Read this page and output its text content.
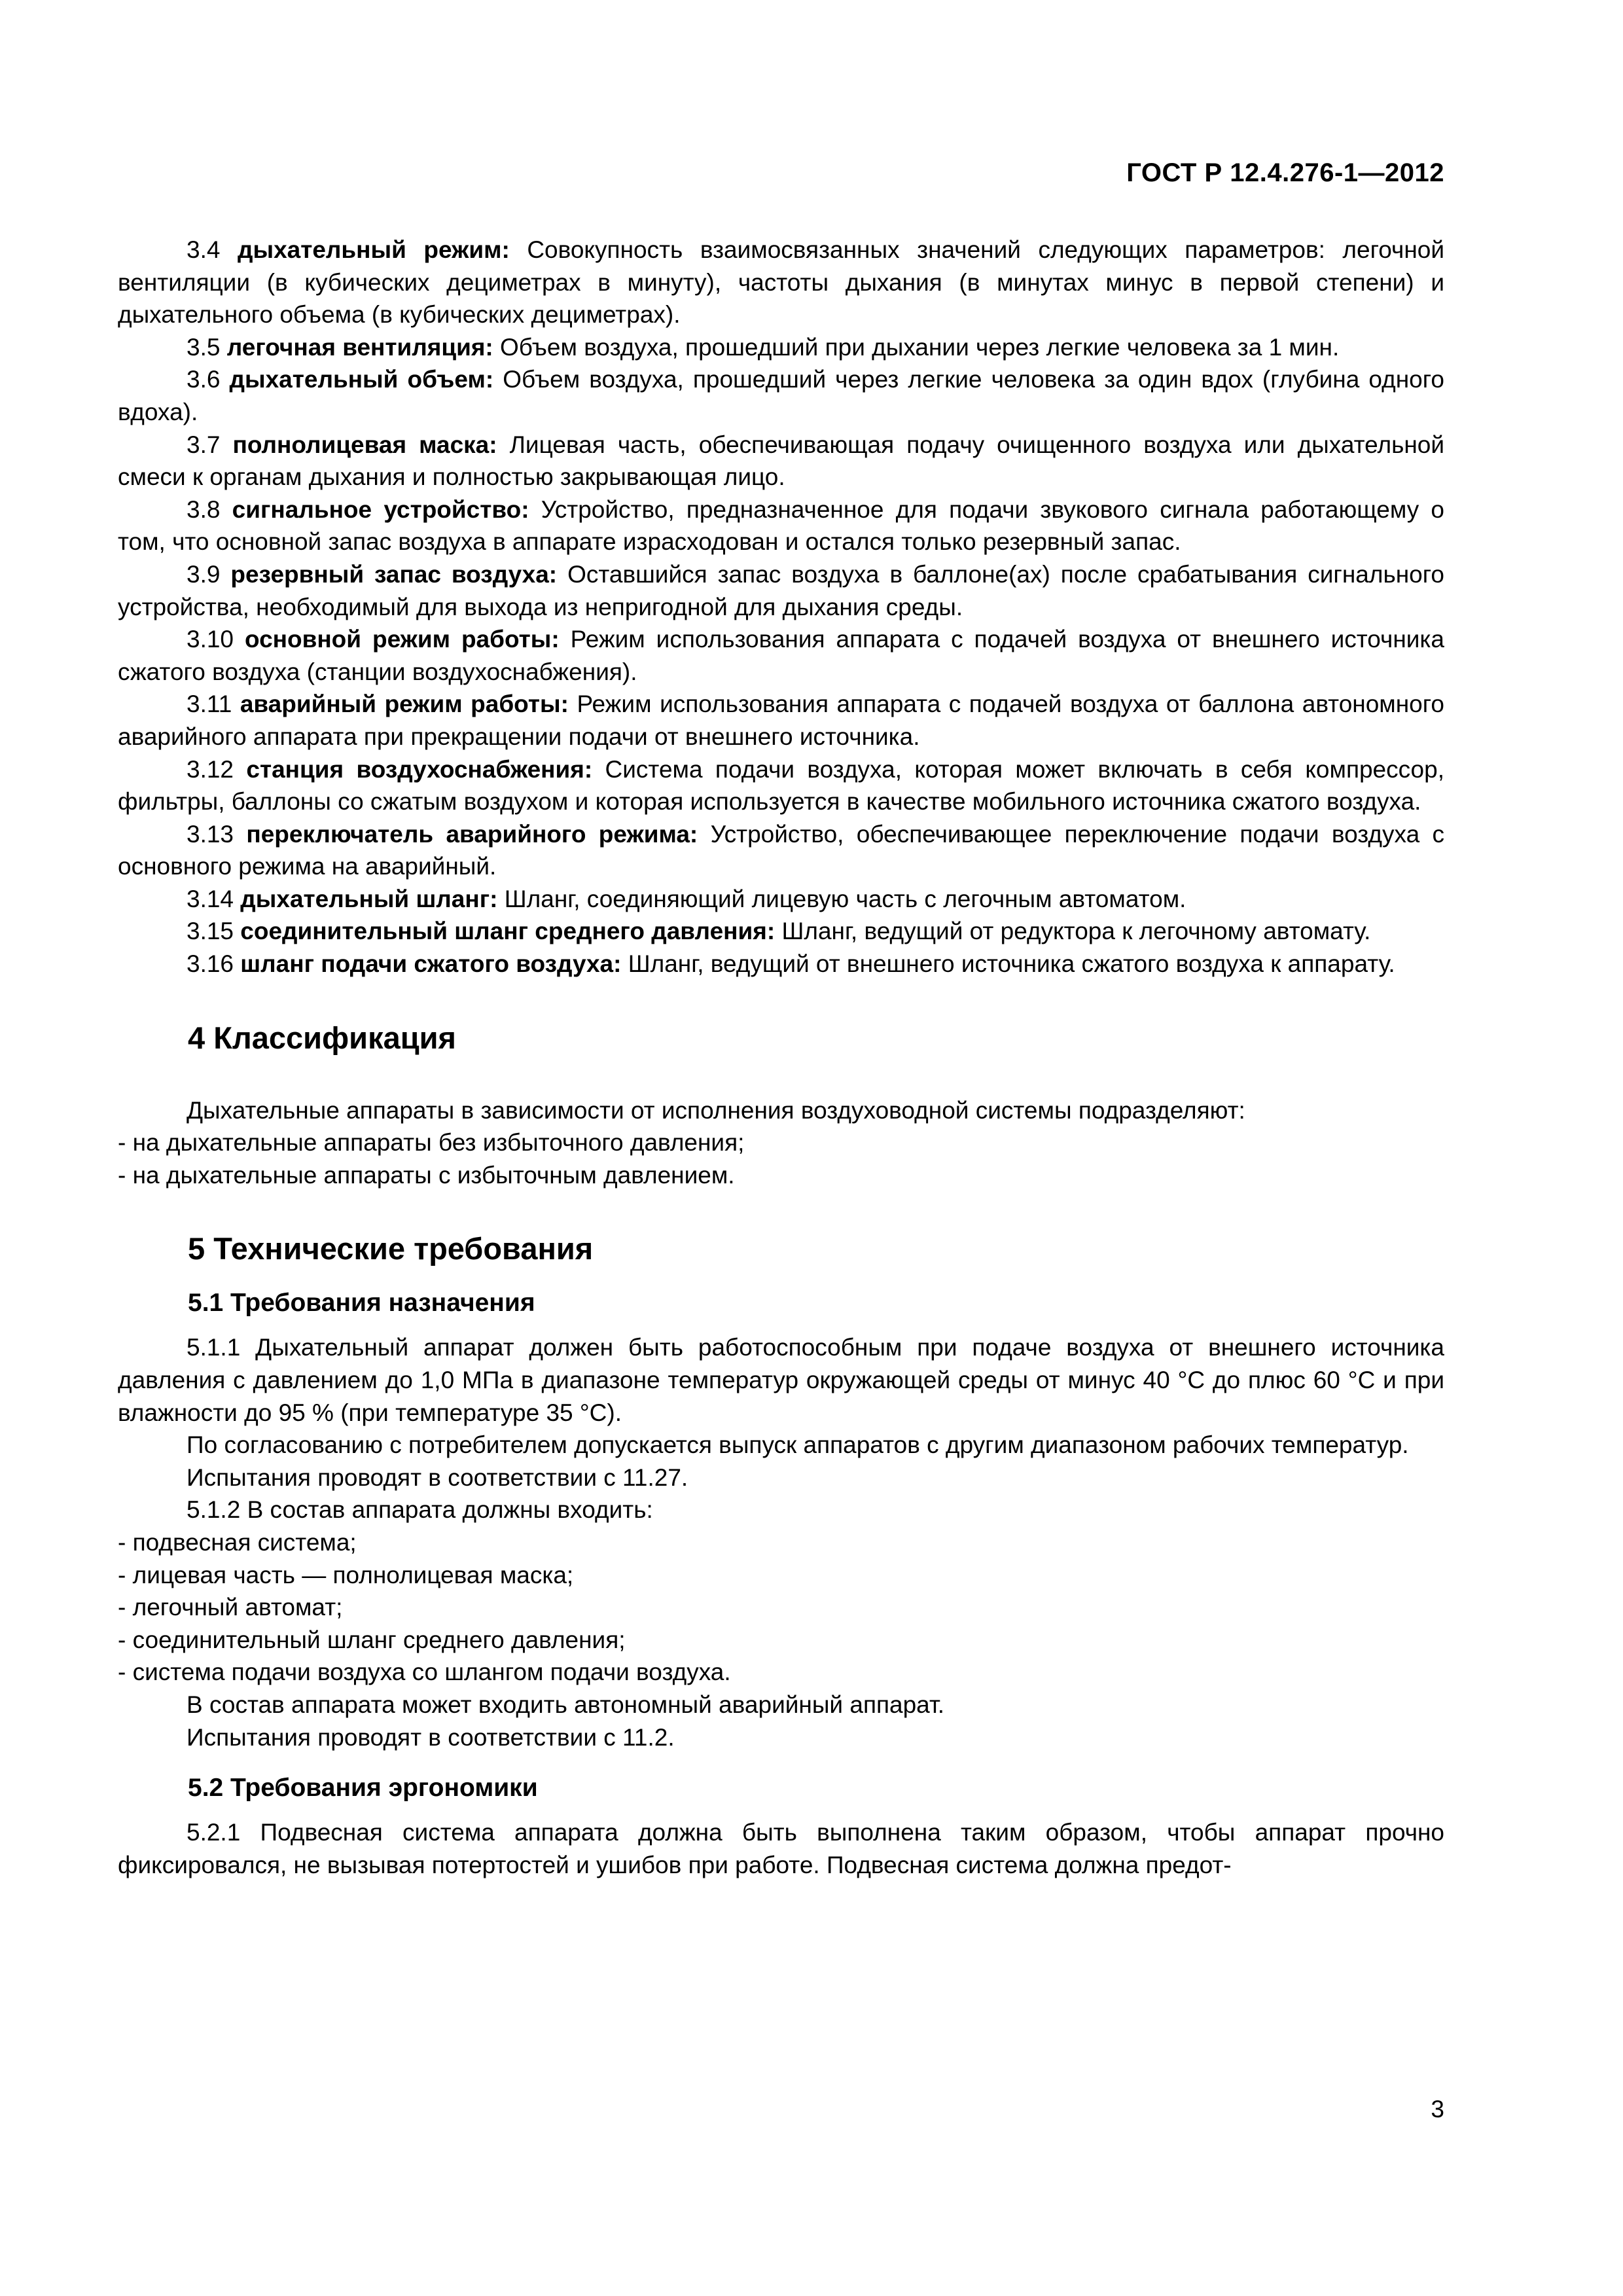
ГОСТ Р 12.4.276-1—2012

3.4 дыхательный режим: Совокупность взаимосвязанных значений следующих параметров: легочной вентиляции (в кубических дециметрах в минуту), частоты дыхания (в минутах минус в первой степени) и дыхательного объема (в кубических дециметрах).

3.5 легочная вентиляция: Объем воздуха, прошедший при дыхании через легкие человека за 1 мин.

3.6 дыхательный объем: Объем воздуха, прошедший через легкие человека за один вдох (глубина одного вдоха).

3.7 полнолицевая маска: Лицевая часть, обеспечивающая подачу очищенного воздуха или дыхательной смеси к органам дыхания и полностью закрывающая лицо.

3.8 сигнальное устройство: Устройство, предназначенное для подачи звукового сигнала работающему о том, что основной запас воздуха в аппарате израсходован и остался только резервный запас.

3.9 резервный запас воздуха: Оставшийся запас воздуха в баллоне(ах) после срабатывания сигнального устройства, необходимый для выхода из непригодной для дыхания среды.

3.10 основной режим работы: Режим использования аппарата с подачей воздуха от внешнего источника сжатого воздуха (станции воздухоснабжения).

3.11 аварийный режим работы: Режим использования аппарата с подачей воздуха от баллона автономного аварийного аппарата при прекращении подачи от внешнего источника.

3.12 станция воздухоснабжения: Система подачи воздуха, которая может включать в себя компрессор, фильтры, баллоны со сжатым воздухом и которая используется в качестве мобильного источника сжатого воздуха.

3.13 переключатель аварийного режима: Устройство, обеспечивающее переключение подачи воздуха с основного режима на аварийный.

3.14 дыхательный шланг: Шланг, соединяющий лицевую часть с легочным автоматом.

3.15 соединительный шланг среднего давления: Шланг, ведущий от редуктора к легочному автомату.

3.16 шланг подачи сжатого воздуха: Шланг, ведущий от внешнего источника сжатого воздуха к аппарату.

4 Классификация

Дыхательные аппараты в зависимости от исполнения воздуховодной системы подразделяют:

- на дыхательные аппараты без избыточного давления;

- на дыхательные аппараты с избыточным давлением.

5 Технические требования
5.1 Требования назначения

5.1.1 Дыхательный аппарат должен быть работоспособным при подаче воздуха от внешнего источника давления с давлением до 1,0 МПа в диапазоне температур окружающей среды от минус 40 °С до плюс 60 °С и при влажности до 95 % (при температуре 35 °С).

По согласованию с потребителем допускается выпуск аппаратов с другим диапазоном рабочих температур.

Испытания проводят в соответствии с 11.27.

5.1.2 В состав аппарата должны входить:

- подвесная система;

- лицевая часть — полнолицевая маска;

- легочный автомат;

- соединительный шланг среднего давления;

- система подачи воздуха со шлангом подачи воздуха.

В состав аппарата может входить автономный аварийный аппарат.

Испытания проводят в соответствии с 11.2.

5.2 Требования эргономики

5.2.1 Подвесная система аппарата должна быть выполнена таким образом, чтобы аппарат прочно фиксировался, не вызывая потертостей и ушибов при работе. Подвесная система должна предот-

3
